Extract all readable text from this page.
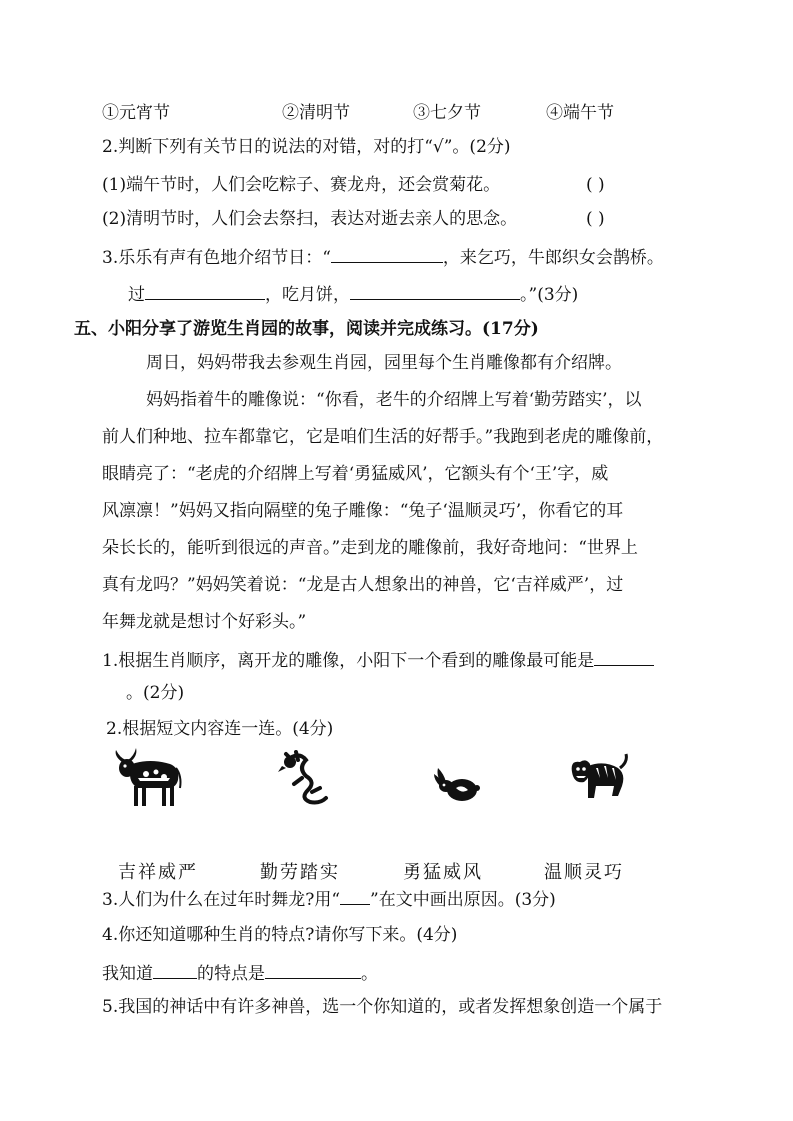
①元宵节	②清明节	③七夕节	④端午节
2.判断下列有关节日的说法的对错，对的打“√”。(2分)
(1)端午节时，人们会吃粽子、赛龙舟，还会赏菊花。	( )
(2)清明节时，人们会去祭扫，表达对逝去亲人的思念。	( )
3.乐乐有声有色地介绍节日：“	，来乞巧，牛郎织女会鹊桥。
过	，吃月饼，	。”(3分)
五、小阳分享了游览生肖园的故事，阅读并完成练习。(17分)
周日，妈妈带我去参观生肖园，园里每个生肖雕像都有介绍牌。
妈妈指着牛的雕像说：“你看，老牛的介绍牌上写着‘勤劳踏实’，以
前人们种地、拉车都靠它，它是咱们生活的好帮手。”我跑到老虎的雕像前，
眼睛亮了：“老虎的介绍牌上写着‘勇猛威风’，它额头有个‘王’字，威
风凛凛！”妈妈又指向隔壁的兔子雕像：“兔子‘温顺灵巧’，你看它的耳
朵长长的，能听到很远的声音。”走到龙的雕像前，我好奇地问：“世界上
真有龙吗？”妈妈笑着说：“龙是古人想象出的神兽，它‘吉祥威严’，过
年舞龙就是想讨个好彩头。”
1.根据生肖顺序，离开龙的雕像，小阳下一个看到的雕像最可能是
。(2分)
2.根据短文内容连一连。(4分)
吉祥威严	勤劳踏实	勇猛威风	温顺灵巧
3.人们为什么在过年时舞龙?用“ ”在文中画出原因。(3分)
4.你还知道哪种生肖的特点?请你写下来。(4分)
我知道	的特点是	。
5.我国的神话中有许多神兽，选一个你知道的，或者发挥想象创造一个属于
